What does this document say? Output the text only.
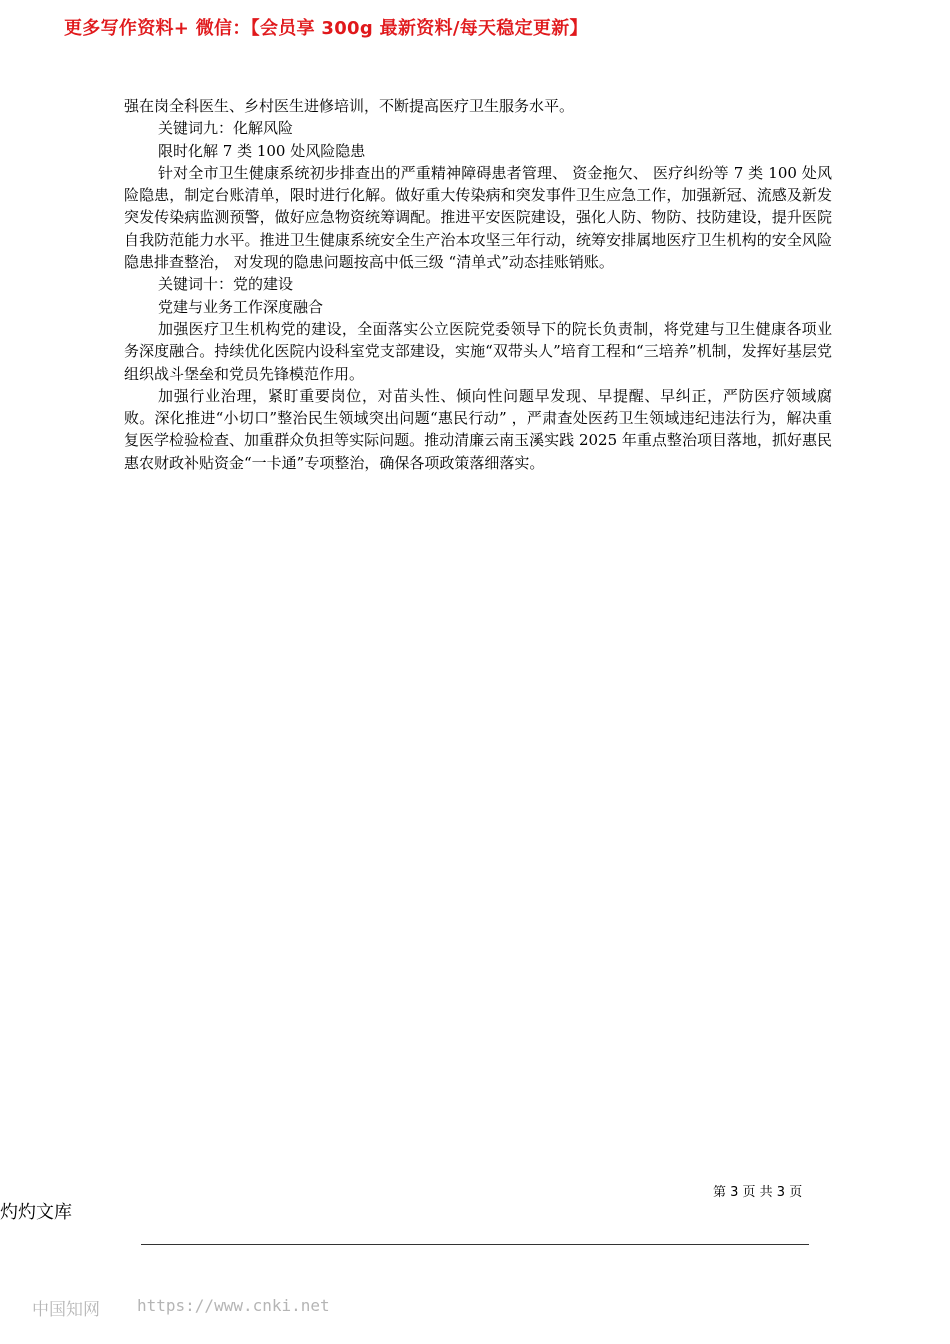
更多写作资料+ 微信：【会员享 300g 最新资料/每天稳定更新】

强在岗全科医生、乡村医生进修培训，不断提高医疗卫生服务水平。

关键词九：化解风险

限时化解 7 类 100 处风险隐患

针对全市卫生健康系统初步排查出的严重精神障碍患者管理、 资金拖欠、 医疗纠纷等 7 类 100 处风险隐患，制定台账清单，限时进行化解。做好重大传染病和突发事件卫生应急工作，加强新冠、流感及新发突发传染病监测预警，做好应急物资统筹调配。推进平安医院建设，强化人防、物防、技防建设，提升医院自我防范能力水平。推进卫生健康系统安全生产治本攻坚三年行动，统筹安排属地医疗卫生机构的安全风险隐患排查整治， 对发现的隐患问题按高中低三级 “清单式”动态挂账销账。

关键词十：党的建设

党建与业务工作深度融合

加强医疗卫生机构党的建设，全面落实公立医院党委领导下的院长负责制，将党建与卫生健康各项业务深度融合。持续优化医院内设科室党支部建设，实施“双带头人”培育工程和“三培养”机制，发挥好基层党组织战斗堡垒和党员先锋模范作用。

加强行业治理，紧盯重要岗位，对苗头性、倾向性问题早发现、早提醒、早纠正，严防医疗领域腐败。深化推进“小切口”整治民生领域突出问题“惠民行动” ，严肃查处医药卫生领域违纪违法行为，解决重复医学检验检查、加重群众负担等实际问题。推动清廉云南玉溪实践 2025 年重点整治项目落地，抓好惠民惠农财政补贴资金“一卡通”专项整治，确保各项政策落细落实。

第 3 页 共 3 页
灼灼文库
中国知网 https://www.cnki.net
